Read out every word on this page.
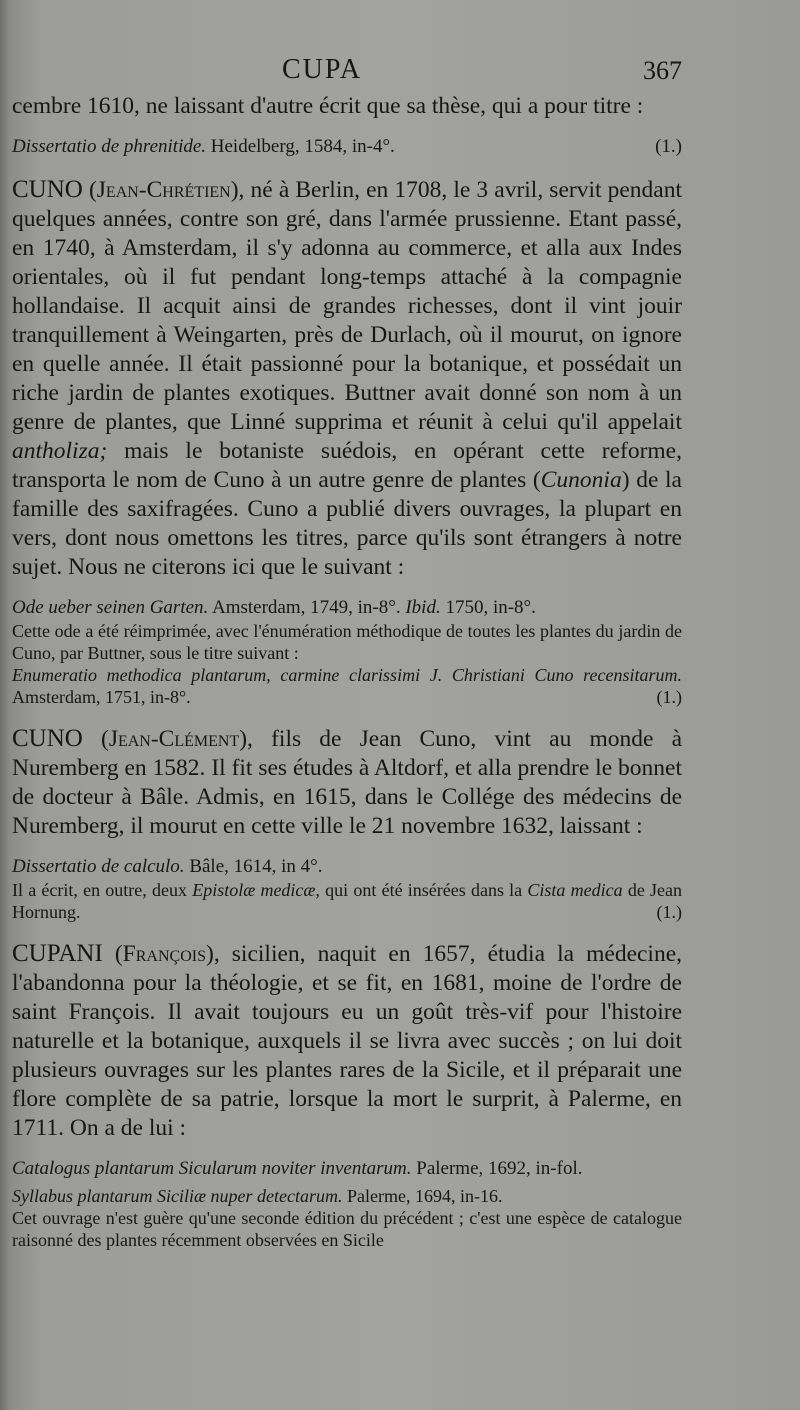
CUPA	367

cembre 1610, ne laissant d'autre écrit que sa thèse, qui a pour titre :

Dissertatio de phrenitide. Heidelberg, 1584, in-4°.	(1.)

CUNO (Jean-Chrétien), né à Berlin, en 1708, le 3 avril, servit pendant quelques années, contre son gré, dans l'armée prussienne. Etant passé, en 1740, à Amsterdam, il s'y adonna au commerce, et alla aux Indes orientales, où il fut pendant long-temps attaché à la compagnie hollandaise. Il acquit ainsi de grandes richesses, dont il vint jouir tranquillement à Weingarten, près de Durlach, où il mourut, on ignore en quelle année. Il était passionné pour la botanique, et possédait un riche jardin de plantes exotiques. Buttner avait donné son nom à un genre de plantes, que Linné supprima et réunit à celui qu'il appelait antholiza; mais le botaniste suédois, en opérant cette reforme, transporta le nom de Cuno à un autre genre de plantes (Cunonia) de la famille des saxifragées. Cuno a publié divers ouvrages, la plupart en vers, dont nous omettons les titres, parce qu'ils sont étrangers à notre sujet. Nous ne citerons ici que le suivant :

Ode ueber seinen Garten. Amsterdam, 1749, in-8°. Ibid. 1750, in-8°.

Cette ode a été réimprimée, avec l'énumération méthodique de toutes les plantes du jardin de Cuno, par Buttner, sous le titre suivant :

Enumeratio methodica plantarum, carmine clarissimi J. Christiani Cuno recensitarum. Amsterdam, 1751, in-8°.	(1.)

CUNO (Jean-Clément), fils de Jean Cuno, vint au monde à Nuremberg en 1582. Il fit ses études à Altdorf, et alla prendre le bonnet de docteur à Bâle. Admis, en 1615, dans le Collége des médecins de Nuremberg, il mourut en cette ville le 21 novembre 1632, laissant :

Dissertatio de calculo. Bâle, 1614, in 4°.

Il a écrit, en outre, deux Epistolæ medicæ, qui ont été insérées dans la Cista medica de Jean Hornung.	(1.)

CUPANI (François), sicilien, naquit en 1657, étudia la médecine, l'abandonna pour la théologie, et se fit, en 1681, moine de l'ordre de saint François. Il avait toujours eu un goût très-vif pour l'histoire naturelle et la botanique, auxquels il se livra avec succès ; on lui doit plusieurs ouvrages sur les plantes rares de la Sicile, et il préparait une flore complète de sa patrie, lorsque la mort le surprit, à Palerme, en 1711. On a de lui :

Catalogus plantarum Sicularum noviter inventarum. Palerme, 1692, in-fol.

Syllabus plantarum Siciliæ nuper detectarum. Palerme, 1694, in-16.

Cet ouvrage n'est guère qu'une seconde édition du précédent ; c'est une espèce de catalogue raisonné des plantes récemment observées en Sicile
